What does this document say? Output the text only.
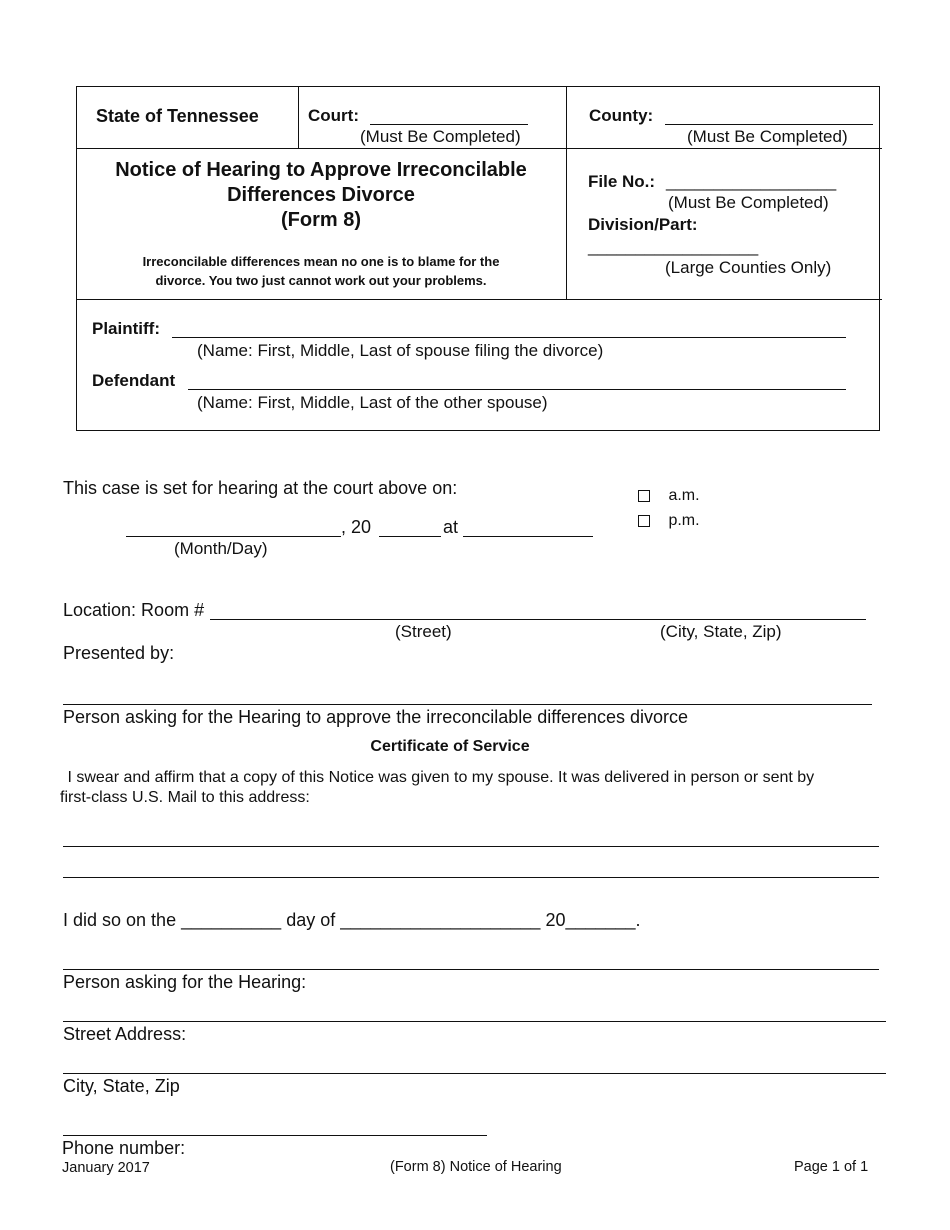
State of Tennessee	Court:
(Must Be Completed)
County:
(Must Be Completed)
Notice of Hearing to Approve Irreconcilable
Differences Divorce
(Form 8)
Irreconcilable differences mean no one is to blame for the
divorce. You two just cannot work out your problems.
File No.: __________________
(Must Be Completed)
Division/Part:
__________________
(Large Counties Only)
Plaintiff:
(Name: First, Middle, Last of spouse filing the divorce)
Defendant
(Name: First, Middle, Last of the other spouse)
This case is set for hearing at the court above on:	a.m.
p.m.
, 20	at
(Month/Day)
Location: Room #
(Street)	(City, State, Zip)
Presented by:
Person asking for the Hearing to approve the irreconcilable differences divorce
Certificate of Service
I swear and affirm that a copy of this Notice was given to my spouse. It was delivered in person or sent by
first-class U.S. Mail to this address:
I did so on the __________ day of ____________________ 20_______.
Person asking for the Hearing:
Street Address:
City, State, Zip
Phone number:
January 2017	(Form 8) Notice of Hearing	Page 1 of 1
